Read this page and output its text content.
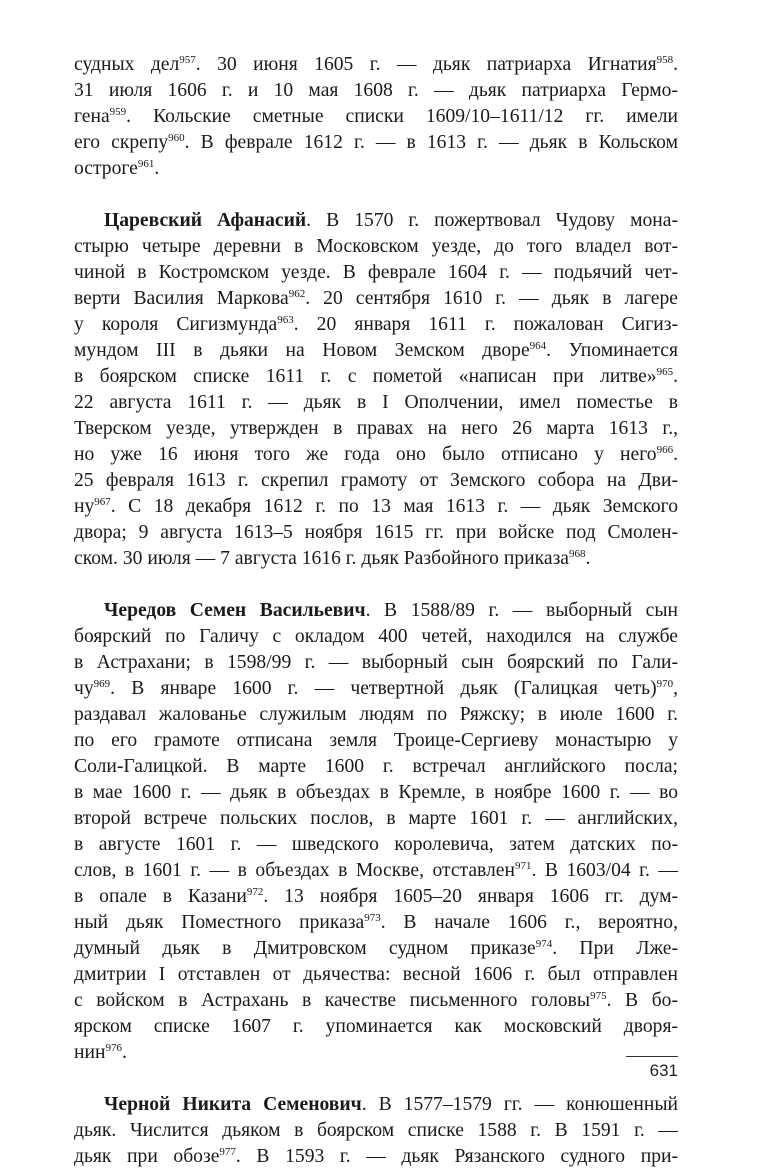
судных дел$^{957}$. 30 июня 1605 г. — дьяк патриарха Игнатия$^{958}$.
31 июля 1606 г. и 10 мая 1608 г. — дьяк патриарха Гермо-
гена$^{959}$. Кольские сметные списки 1609/10–1611/12 гг. имели
его скрепу$^{960}$. В феврале 1612 г. — в 1613 г. — дьяк в Кольском
остроге$^{961}$.
Царевский Афанасий. В 1570 г. пожертвовал Чудову мона-
стырю четыре деревни в Московском уезде, до того владел вот-
чиной в Костромском уезде. В феврале 1604 г. — подьячий чет-
верти Василия Маркова$^{962}$. 20 сентября 1610 г. — дьяк в лагере
у короля Сигизмунда$^{963}$. 20 января 1611 г. пожалован Сигиз-
мундом III в дьяки на Новом Земском дворе$^{964}$. Упоминается
в боярском списке 1611 г. с пометой «написан при литве»$^{965}$.
22 августа 1611 г. — дьяк в I Ополчении, имел поместье в
Тверском уезде, утвержден в правах на него 26 марта 1613 г.,
но уже 16 июня того же года оно было отписано у него$^{966}$.
25 февраля 1613 г. скрепил грамоту от Земского собора на Дви-
$ну^{967}$. С 18 декабря 1612 г. по 13 мая 1613 г. — дьяк Земского
двора; 9 августа 1613–5 ноября 1615 гг. при войске под Смолен-
ском. 30 июля — 7 августа 1616 г. дьяк Разбойного приказа$^{968}$.
Чередов Семен Васильевич. В 1588/89 г. — выборный сын
боярский по Галичу с окладом 400 четей, находился на службе
в Астрахани; в 1598/99 г. — выборный сын боярский по Гали-
$чу^{969}$. В январе 1600 г. — четвертной дьяк (Галицкая четь)$^{970}$,
раздавал жалованье служилым людям по Ряжску; в июле 1600 г.
по его грамоте отписана земля Троице-Сергиеву монастырю у
Соли-Галицкой. В марте 1600 г. встречал английского посла;
в мае 1600 г. — дьяк в объездах в Кремле, в ноябре 1600 г. — во
второй встрече польских послов, в марте 1601 г. — английских,
в августе 1601 г. — шведского королевича, затем датских по-
слов, в 1601 г. — в объездах в Москве, отставлен$^{971}$. В 1603/04 г. —
в опале в Казани$^{972}$. 13 ноября 1605–20 января 1606 гг. дум-
ный дьяк Поместного приказа$^{973}$. В начале 1606 г., вероятно,
думный дьяк в Дмитровском судном приказе$^{974}$. При Лже-
дмитрии I отставлен от дьячества: весной 1606 г. был отправлен
с войском в Астрахань в качестве письменного головы$^{975}$. В бо-
ярском списке 1607 г. упоминается как московский дворя-
нин$^{976}$.
Черной Никита Семенович. В 1577–1579 гг. — конюшенный
дьяк. Числится дьяком в боярском списке 1588 г. В 1591 г. —
дьяк при обозе$^{977}$. В 1593 г. — дьяк Рязанского судного при-
631
